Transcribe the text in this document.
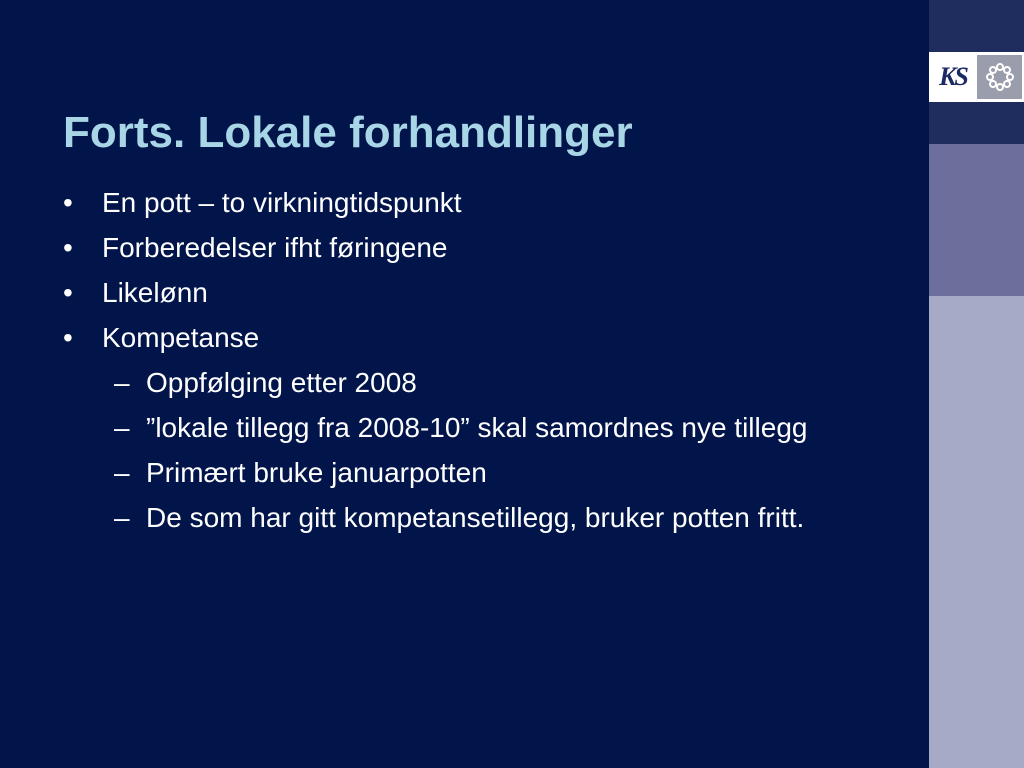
Forts. Lokale forhandlinger
• En pott – to virkningtidspunkt
• Forberedelser ifht føringene
• Likelønn
• Kompetanse
– Oppfølging etter 2008
– ”lokale tillegg fra 2008-10” skal samordnes nye tillegg
– Primært bruke januarpotten
– De som har gitt kompetansetillegg, bruker potten fritt.
KS
